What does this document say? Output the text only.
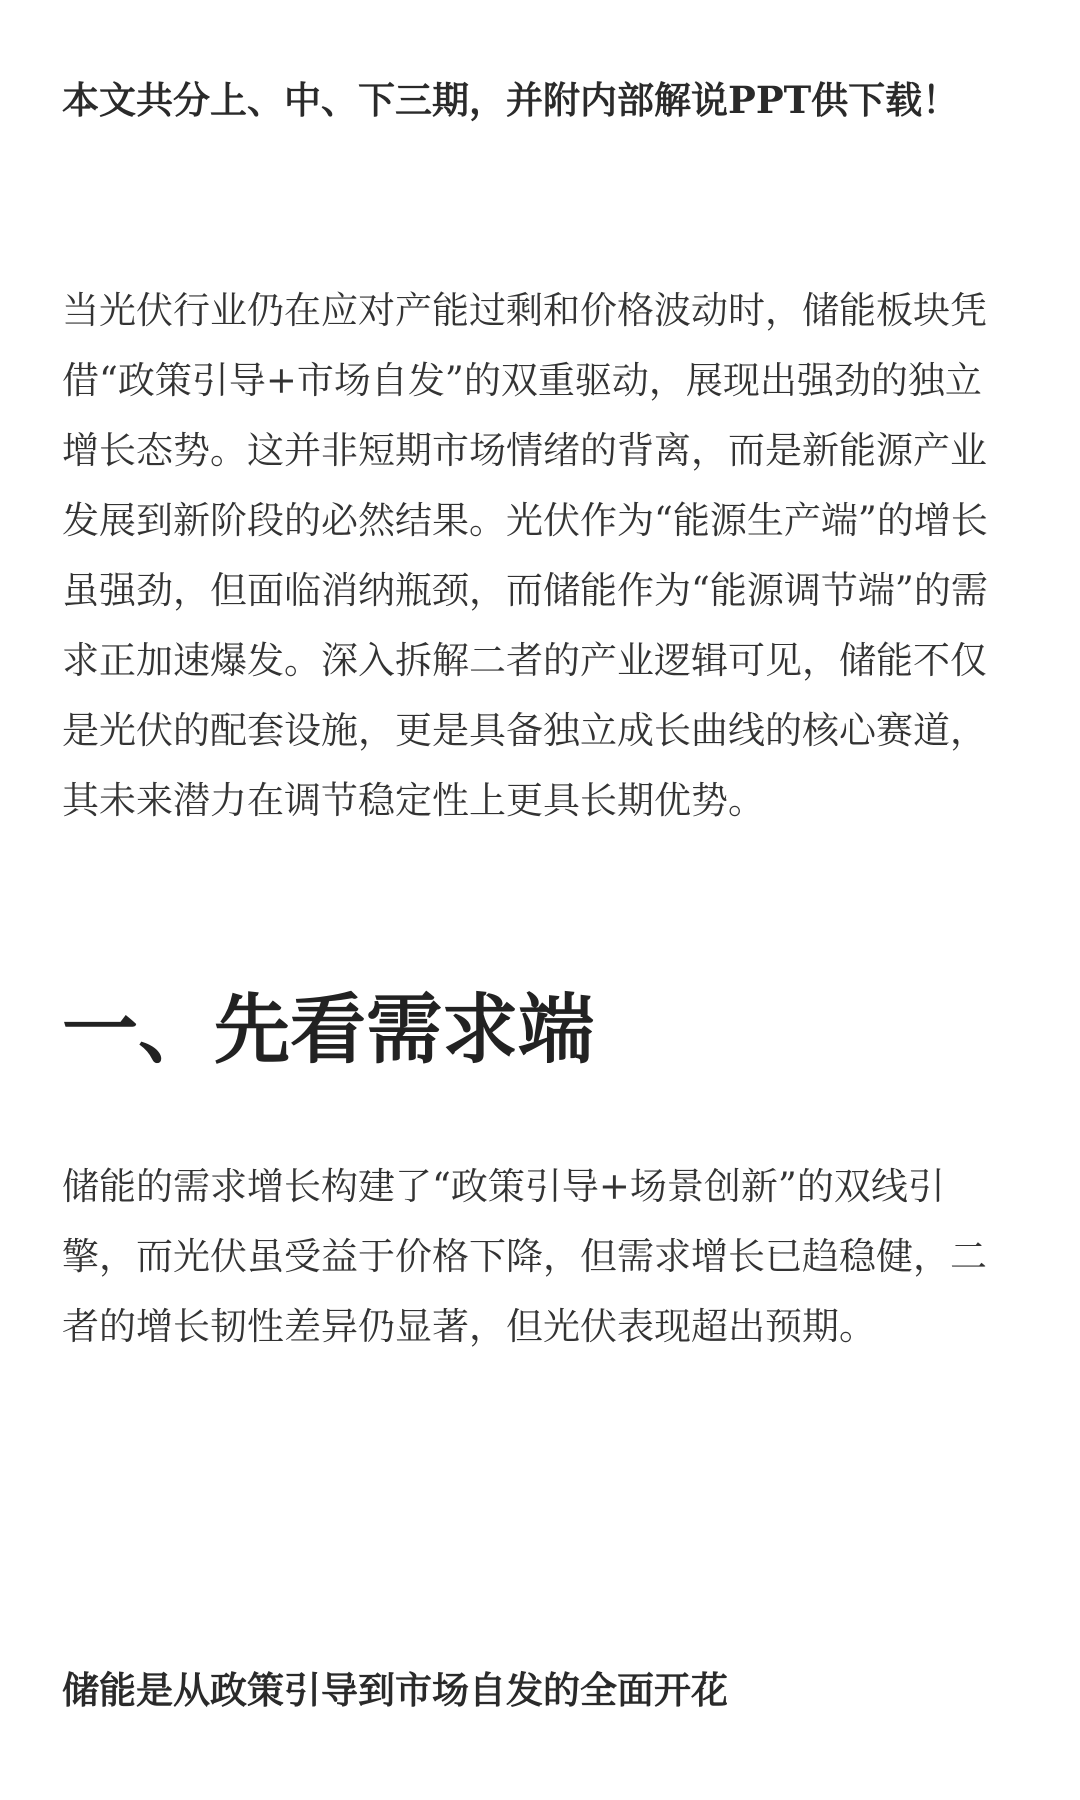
本文共分上、中、下三期，并附内部解说PPT供下载！

当光伏行业仍在应对产能过剩和价格波动时，储能板块凭借“政策引导+市场自发”的双重驱动，展现出强劲的独立增长态势。这并非短期市场情绪的背离，而是新能源产业发展到新阶段的必然结果。光伏作为“能源生产端”的增长虽强劲，但面临消纳瓶颈，而储能作为“能源调节端”的需求正加速爆发。深入拆解二者的产业逻辑可见，储能不仅是光伏的配套设施，更是具备独立成长曲线的核心赛道，其未来潜力在调节稳定性上更具长期优势。

一、先看需求端

储能的需求增长构建了“政策引导+场景创新”的双线引擎，而光伏虽受益于价格下降，但需求增长已趋稳健，二者的增长韧性差异仍显著，但光伏表现超出预期。

储能是从政策引导到市场自发的全面开花
